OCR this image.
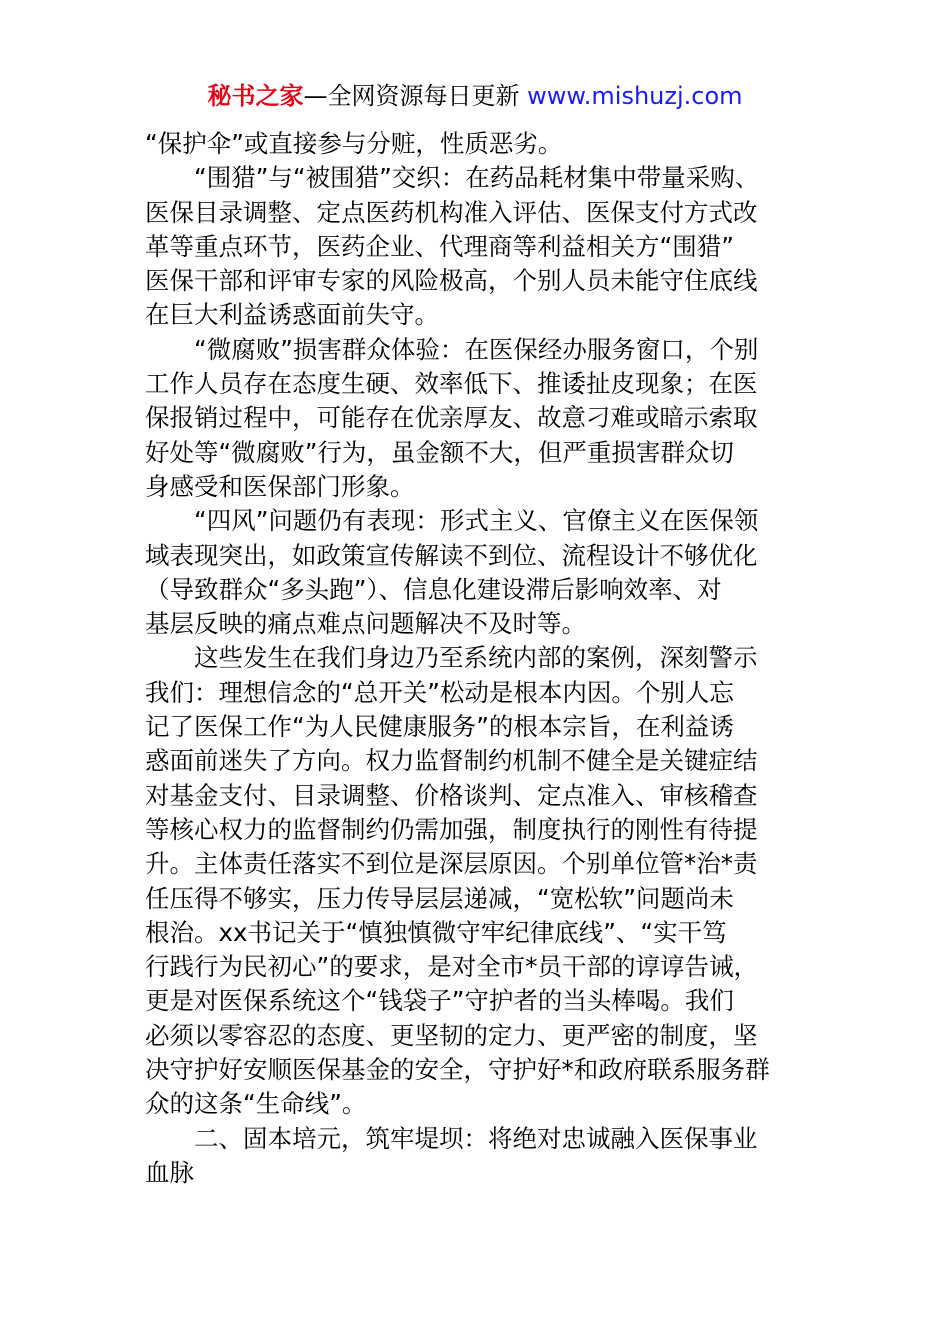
秘书之家—全网资源每日更新 www.mishuzj.com
“保护伞”或直接参与分赃，性质恶劣。
　　“围猎”与“被围猎”交织：在药品耗材集中带量采购、
医保目录调整、定点医药机构准入评估、医保支付方式改
革等重点环节，医药企业、代理商等利益相关方“围猎”
医保干部和评审专家的风险极高，个别人员未能守住底线
在巨大利益诱惑面前失守。
　　“微腐败”损害群众体验：在医保经办服务窗口，个别
工作人员存在态度生硬、效率低下、推诿扯皮现象；在医
保报销过程中，可能存在优亲厚友、故意刁难或暗示索取
好处等“微腐败”行为，虽金额不大，但严重损害群众切
身感受和医保部门形象。
　　“四风”问题仍有表现：形式主义、官僚主义在医保领
域表现突出，如政策宣传解读不到位、流程设计不够优化
（导致群众“多头跑”）、信息化建设滞后影响效率、对
基层反映的痛点难点问题解决不及时等。
　　这些发生在我们身边乃至系统内部的案例，深刻警示
我们：理想信念的“总开关”松动是根本内因。个别人忘
记了医保工作“为人民健康服务”的根本宗旨，在利益诱
惑面前迷失了方向。权力监督制约机制不健全是关键症结
对基金支付、目录调整、价格谈判、定点准入、审核稽查
等核心权力的监督制约仍需加强，制度执行的刚性有待提
升。主体责任落实不到位是深层原因。个别单位管*治*责
任压得不够实，压力传导层层递减，“宽松软”问题尚未
根治。xx书记关于“慎独慎微守牢纪律底线”、“实干笃
行践行为民初心”的要求，是对全市*员干部的谆谆告诫，
更是对医保系统这个“钱袋子”守护者的当头棒喝。我们
必须以零容忍的态度、更坚韧的定力、更严密的制度，坚
决守护好安顺医保基金的安全，守护好*和政府联系服务群
众的这条“生命线”。
　　二、固本培元，筑牢堤坝：将绝对忠诚融入医保事业
血脉
